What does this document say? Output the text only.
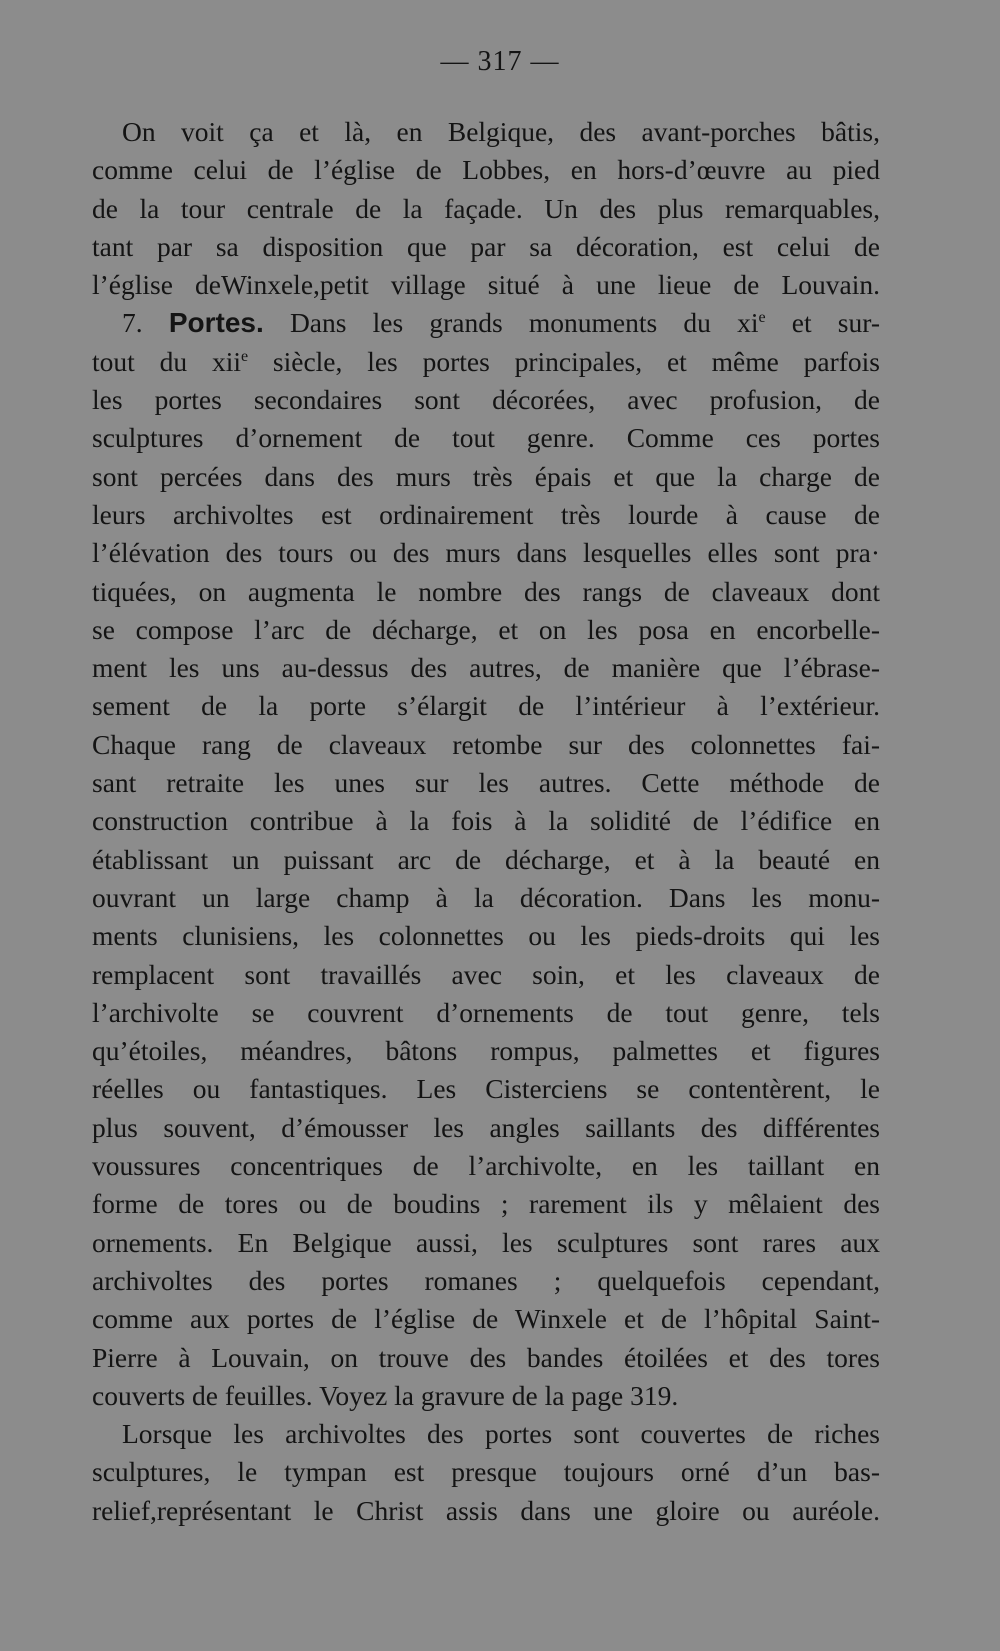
— 317 —
On voit ça et là, en Belgique, des avant-porches bâtis,
comme celui de l’église de Lobbes, en hors-d’œuvre au pied
de la tour centrale de la façade. Un des plus remarquables,
tant par sa disposition que par sa décoration, est celui de
l’église deWinxele,petit village situé à une lieue de Louvain.
7. Portes. Dans les grands monuments du $xi^e$ et sur-
tout du xii$^e$ siècle, les portes principales, et même parfois
les portes secondaires sont décorées, avec profusion, de
sculptures d’ornement de tout genre. Comme ces portes
sont percées dans des murs très épais et que la charge de
leurs archivoltes est ordinairement très lourde à cause de
l’élévation des tours ou des murs dans lesquelles elles sont pra·
tiquées, on augmenta le nombre des rangs de claveaux dont
se compose l’arc de décharge, et on les posa en encorbelle-
ment les uns au-dessus des autres, de manière que l’ébrase-
sement de la porte s’élargit de l’intérieur à l’extérieur.
Chaque rang de claveaux retombe sur des colonnettes fai-
sant retraite les unes sur les autres. Cette méthode de
construction contribue à la fois à la solidité de l’édifice en
établissant un puissant arc de décharge, et à la beauté en
ouvrant un large champ à la décoration. Dans les monu-
ments clunisiens, les colonnettes ou les pieds-droits qui les
remplacent sont travaillés avec soin, et les claveaux de
l’archivolte se couvrent d’ornements de tout genre, tels
qu’étoiles, méandres, bâtons rompus, palmettes et figures
réelles ou fantastiques. Les Cisterciens se contentèrent, le
plus souvent, d’émousser les angles saillants des différentes
voussures concentriques de l’archivolte, en les taillant en
forme de tores ou de boudins ; rarement ils y mêlaient des
ornements. En Belgique aussi, les sculptures sont rares aux
archivoltes des portes romanes ; quelquefois cependant,
comme aux portes de l’église de Winxele et de l’hôpital Saint-
Pierre à Louvain, on trouve des bandes étoilées et des tores
couverts de feuilles. Voyez la gravure de la page 319.
Lorsque les archivoltes des portes sont couvertes de riches
sculptures, le tympan est presque toujours orné d’un bas-
relief,représentant le Christ assis dans une gloire ou auréole.
